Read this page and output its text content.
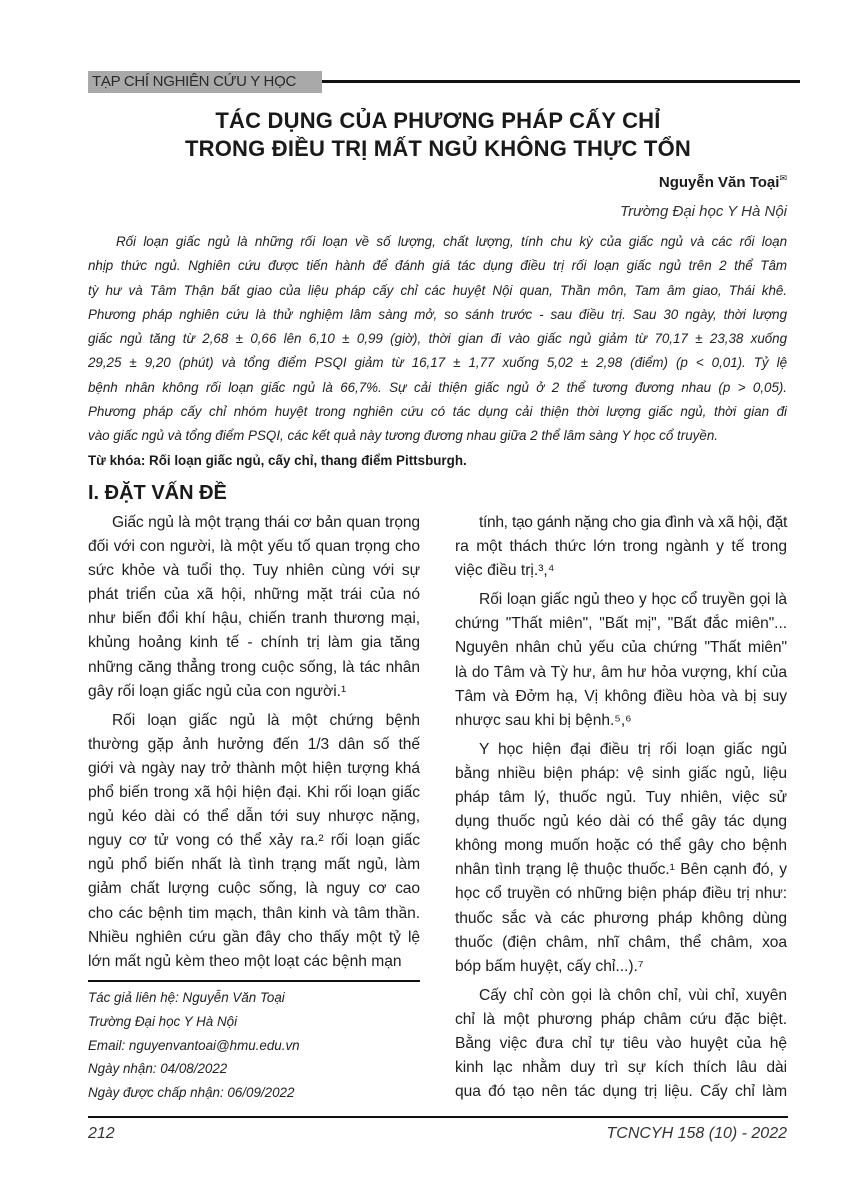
TẠP CHÍ NGHIÊN CỨU Y HỌC
TÁC DỤNG CỦA PHƯƠNG PHÁP CẤY CHỈ
TRONG ĐIỀU TRỊ MẤT NGỦ KHÔNG THỰC TỔN
Nguyễn Văn Toại✉
Trường Đại học Y Hà Nội
Rối loạn giấc ngủ là những rối loạn về số lượng, chất lượng, tính chu kỳ của giấc ngủ và các rối loạn
nhịp thức ngủ. Nghiên cứu được tiến hành để đánh giá tác dụng điều trị rối loạn giấc ngủ trên 2 thể Tâm
tỳ hư và Tâm Thận bất giao của liệu pháp cấy chỉ các huyệt Nội quan, Thần môn, Tam âm giao, Thái khê.
Phương pháp nghiên cứu là thử nghiệm lâm sàng mở, so sánh trước - sau điều trị. Sau 30 ngày, thời lượng
giấc ngủ tăng từ 2,68 ± 0,66 lên 6,10 ± 0,99 (giờ), thời gian đi vào giấc ngủ giảm từ 70,17 ± 23,38 xuống
29,25 ± 9,20 (phút) và tổng điểm PSQI giảm từ 16,17 ± 1,77 xuống 5,02 ± 2,98 (điểm) (p < 0,01). Tỷ lệ
bệnh nhân không rối loạn giấc ngủ là 66,7%. Sự cải thiện giấc ngủ ở 2 thể tương đương nhau (p > 0,05).
Phương pháp cấy chỉ nhóm huyệt trong nghiên cứu có tác dụng cải thiện thời lượng giấc ngủ, thời gian đi
vào giấc ngủ và tổng điểm PSQI, các kết quả này tương đương nhau giữa 2 thể lâm sàng Y học cổ truyền.
Từ khóa: Rối loạn giấc ngủ, cấy chỉ, thang điểm Pittsburgh.
I. ĐẶT VẤN ĐỀ
Giấc ngủ là một trạng thái cơ bản quan trọng
đối với con người, là một yếu tố quan trọng cho
sức khỏe và tuổi thọ. Tuy nhiên cùng với sự
phát triển của xã hội, những mặt trái của nó
như biến đổi khí hậu, chiến tranh thương mại,
khủng hoảng kinh tế - chính trị làm gia tăng
những căng thẳng trong cuộc sống, là tác nhân
gây rối loạn giấc ngủ của con người.¹
Rối loạn giấc ngủ là một chứng bệnh
thường gặp ảnh hưởng đến 1/3 dân số thế
giới và ngày nay trở thành một hiện tượng khá
phổ biến trong xã hội hiện đại. Khi rối loạn giấc
ngủ kéo dài có thể dẫn tới suy nhược nặng,
nguy cơ tử vong có thể xảy ra.² rối loạn giấc
ngủ phổ biến nhất là tình trạng mất ngủ, làm
giảm chất lượng cuộc sống, là nguy cơ cao
cho các bệnh tim mạch, thân kinh và tâm thần.
Nhiều nghiên cứu gần đây cho thấy một tỷ lệ
lớn mất ngủ kèm theo một loạt các bệnh mạn
tính, tạo gánh nặng cho gia đình và xã hội, đặt
ra một thách thức lớn trong ngành y tế trong
việc điều trị.³,⁴
Rối loạn giấc ngủ theo y học cổ truyền gọi là
chứng "Thất miên", "Bất mị", "Bất đắc miên"...
Nguyên nhân chủ yếu của chứng "Thất miên"
là do Tâm và Tỳ hư, âm hư hỏa vượng, khí của
Tâm và Đởm hạ, Vị không điều hòa và bị suy
nhược sau khi bị bệnh.⁵,⁶
Y học hiện đại điều trị rối loạn giấc ngủ
bằng nhiều biện pháp: vệ sinh giấc ngủ, liệu
pháp tâm lý, thuốc ngủ. Tuy nhiên, việc sử
dụng thuốc ngủ kéo dài có thể gây tác dụng
không mong muốn hoặc có thể gây cho bệnh
nhân tình trạng lệ thuộc thuốc.¹ Bên cạnh đó, y
học cổ truyền có những biện pháp điều trị như:
thuốc sắc và các phương pháp không dùng
thuốc (điện châm, nhĩ châm, thể châm, xoa
bóp bấm huyệt, cấy chỉ...).⁷
Cấy chỉ còn gọi là chôn chỉ, vùi chỉ, xuyên
chỉ là một phương pháp châm cứu đặc biệt.
Bằng việc đưa chỉ tự tiêu vào huyệt của hệ
kinh lạc nhằm duy trì sự kích thích lâu dài
qua đó tạo nên tác dụng trị liệu. Cấy chỉ làm
Tác giả liên hệ: Nguyễn Văn Toại
Trường Đại học Y Hà Nội
Email: nguyenvantoai@hmu.edu.vn
Ngày nhận: 04/08/2022
Ngày được chấp nhận: 06/09/2022
212	TCNCYH 158 (10) - 2022
